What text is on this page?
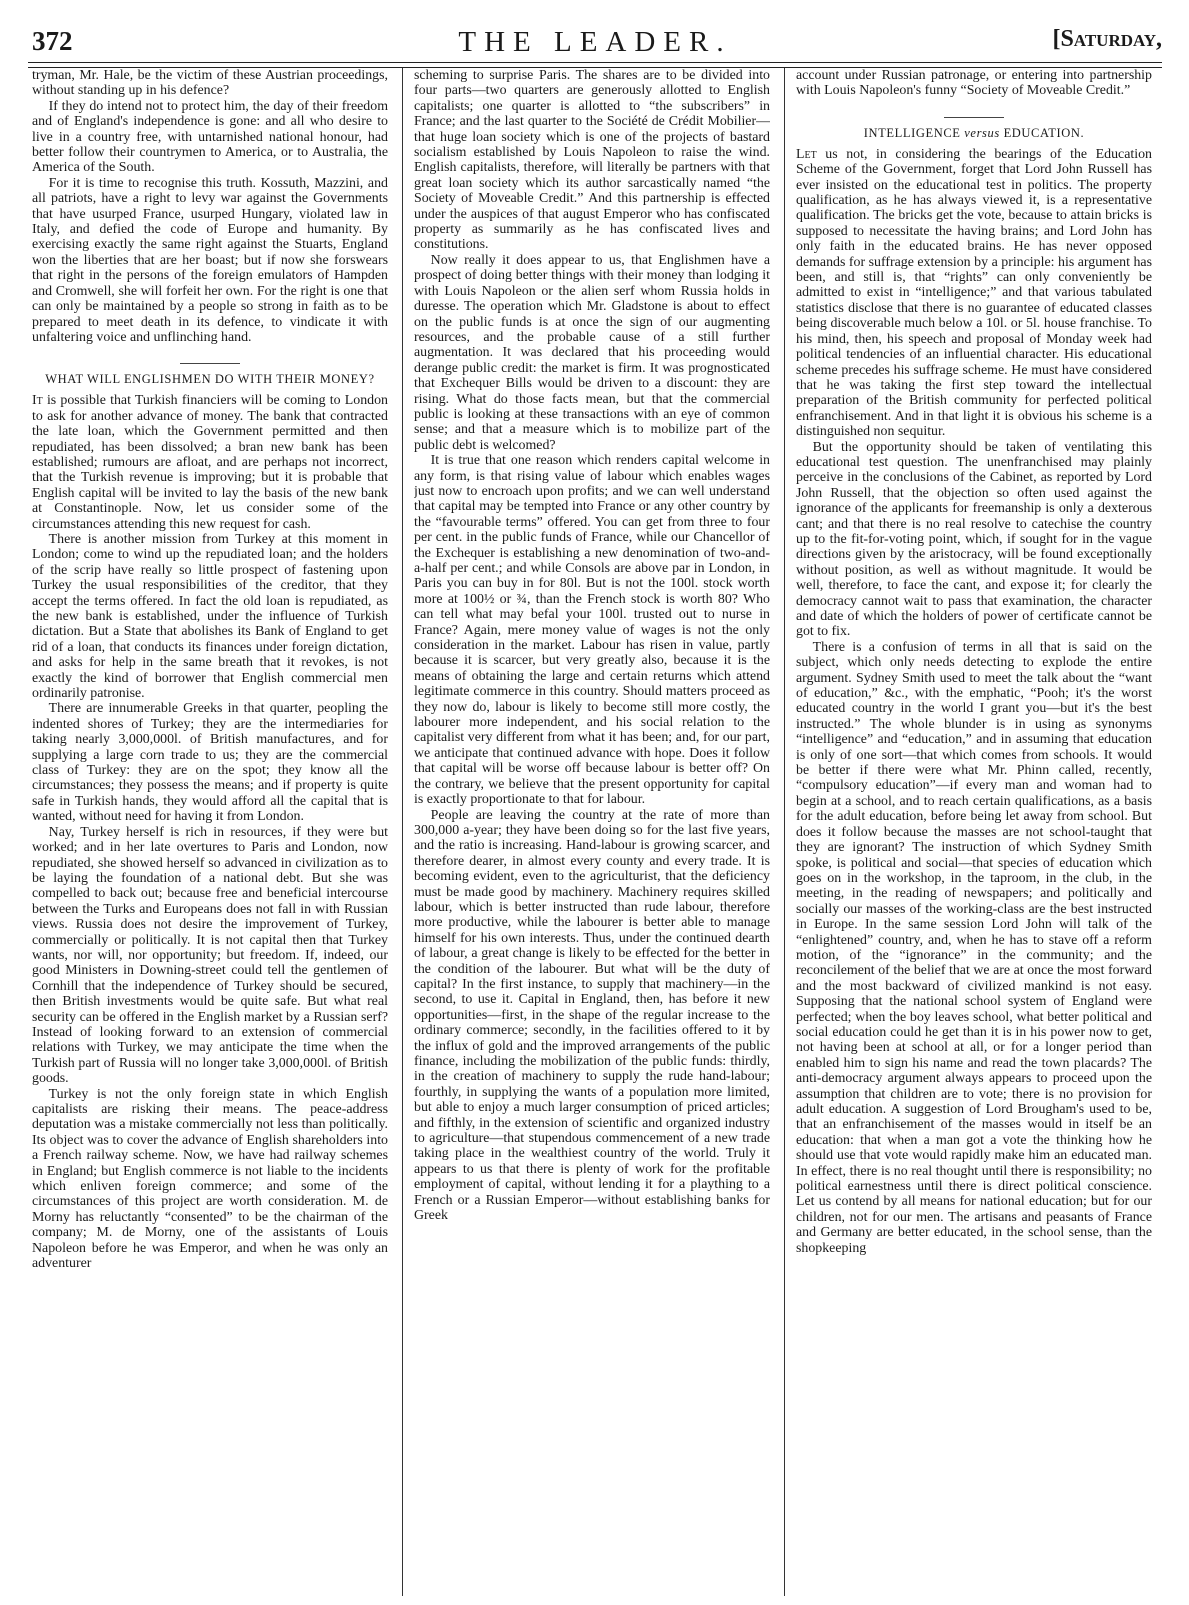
372	THE LEADER.	[Saturday,

tryman, Mr. Hale, be the victim of these Austrian proceedings, without standing up in his defence?

If they do intend not to protect him, the day of their freedom and of England's independence is gone: and all who desire to live in a country free, with untarnished national honour, had better follow their countrymen to America, or to Australia, the America of the South.

For it is time to recognise this truth. Kossuth, Mazzini, and all patriots, have a right to levy war against the Governments that have usurped France, usurped Hungary, violated law in Italy, and defied the code of Europe and humanity. By exercising exactly the same right against the Stuarts, England won the liberties that are her boast; but if now she forswears that right in the persons of the foreign emulators of Hampden and Cromwell, she will forfeit her own. For the right is one that can only be maintained by a people so strong in faith as to be prepared to meet death in its defence, to vindicate it with unfaltering voice and unflinching hand.

WHAT WILL ENGLISHMEN DO WITH THEIR MONEY?

It is possible that Turkish financiers will be coming to London to ask for another advance of money. The bank that contracted the late loan, which the Government permitted and then repudiated, has been dissolved; a bran new bank has been established; rumours are afloat, and are perhaps not incorrect, that the Turkish revenue is improving; but it is probable that English capital will be invited to lay the basis of the new bank at Constantinople. Now, let us consider some of the circumstances attending this new request for cash.

There is another mission from Turkey at this moment in London; come to wind up the repudiated loan; and the holders of the scrip have really so little prospect of fastening upon Turkey the usual responsibilities of the creditor, that they accept the terms offered. In fact the old loan is repudiated, as the new bank is established, under the influence of Turkish dictation. But a State that abolishes its Bank of England to get rid of a loan, that conducts its finances under foreign dictation, and asks for help in the same breath that it revokes, is not exactly the kind of borrower that English commercial men ordinarily patronise.

There are innumerable Greeks in that quarter, peopling the indented shores of Turkey; they are the intermediaries for taking nearly 3,000,000l. of British manufactures, and for supplying a large corn trade to us; they are the commercial class of Turkey: they are on the spot; they know all the circumstances; they possess the means; and if property is quite safe in Turkish hands, they would afford all the capital that is wanted, without need for having it from London.

Nay, Turkey herself is rich in resources, if they were but worked; and in her late overtures to Paris and London, now repudiated, she showed herself so advanced in civilization as to be laying the foundation of a national debt. But she was compelled to back out; because free and beneficial intercourse between the Turks and Europeans does not fall in with Russian views. Russia does not desire the improvement of Turkey, commercially or politically. It is not capital then that Turkey wants, nor will, nor opportunity; but freedom. If, indeed, our good Ministers in Downing-street could tell the gentlemen of Cornhill that the independence of Turkey should be secured, then British investments would be quite safe. But what real security can be offered in the English market by a Russian serf? Instead of looking forward to an extension of commercial relations with Turkey, we may anticipate the time when the Turkish part of Russia will no longer take 3,000,000l. of British goods.

Turkey is not the only foreign state in which English capitalists are risking their means. The peace-address deputation was a mistake commercially not less than politically. Its object was to cover the advance of English shareholders into a French railway scheme. Now, we have had railway schemes in England; but English commerce is not liable to the incidents which enliven foreign commerce; and some of the circumstances of this project are worth consideration. M. de Morny has reluctantly “consented” to be the chairman of the company; M. de Morny, one of the assistants of Louis Napoleon before he was Emperor, and when he was only an adventurer

scheming to surprise Paris. The shares are to be divided into four parts—two quarters are generously allotted to English capitalists; one quarter is allotted to “the subscribers” in France; and the last quarter to the Société de Crédit Mobilier—that huge loan society which is one of the projects of bastard socialism established by Louis Napoleon to raise the wind. English capitalists, therefore, will literally be partners with that great loan society which its author sarcastically named “the Society of Moveable Credit.” And this partnership is effected under the auspices of that august Emperor who has confiscated property as summarily as he has confiscated lives and constitutions.

Now really it does appear to us, that Englishmen have a prospect of doing better things with their money than lodging it with Louis Napoleon or the alien serf whom Russia holds in duresse. The operation which Mr. Gladstone is about to effect on the public funds is at once the sign of our augmenting resources, and the probable cause of a still further augmentation. It was declared that his proceeding would derange public credit: the market is firm. It was prognosticated that Exchequer Bills would be driven to a discount: they are rising. What do those facts mean, but that the commercial public is looking at these transactions with an eye of common sense; and that a measure which is to mobilize part of the public debt is welcomed?

It is true that one reason which renders capital welcome in any form, is that rising value of labour which enables wages just now to encroach upon profits; and we can well understand that capital may be tempted into France or any other country by the “favourable terms” offered. You can get from three to four per cent. in the public funds of France, while our Chancellor of the Exchequer is establishing a new denomination of two-and-a-half per cent.; and while Consols are above par in London, in Paris you can buy in for 80l. But is not the 100l. stock worth more at 100½ or ¾, than the French stock is worth 80? Who can tell what may befal your 100l. trusted out to nurse in France? Again, mere money value of wages is not the only consideration in the market. Labour has risen in value, partly because it is scarcer, but very greatly also, because it is the means of obtaining the large and certain returns which attend legitimate commerce in this country. Should matters proceed as they now do, labour is likely to become still more costly, the labourer more independent, and his social relation to the capitalist very different from what it has been; and, for our part, we anticipate that continued advance with hope. Does it follow that capital will be worse off because labour is better off? On the contrary, we believe that the present opportunity for capital is exactly proportionate to that for labour.

People are leaving the country at the rate of more than 300,000 a-year; they have been doing so for the last five years, and the ratio is increasing. Hand-labour is growing scarcer, and therefore dearer, in almost every county and every trade. It is becoming evident, even to the agriculturist, that the deficiency must be made good by machinery. Machinery requires skilled labour, which is better instructed than rude labour, therefore more productive, while the labourer is better able to manage himself for his own interests. Thus, under the continued dearth of labour, a great change is likely to be effected for the better in the condition of the labourer. But what will be the duty of capital? In the first instance, to supply that machinery—in the second, to use it. Capital in England, then, has before it new opportunities—first, in the shape of the regular increase to the ordinary commerce; secondly, in the facilities offered to it by the influx of gold and the improved arrangements of the public finance, including the mobilization of the public funds: thirdly, in the creation of machinery to supply the rude hand-labour; fourthly, in supplying the wants of a population more limited, but able to enjoy a much larger consumption of priced articles; and fifthly, in the extension of scientific and organized industry to agriculture—that stupendous commencement of a new trade taking place in the wealthiest country of the world. Truly it appears to us that there is plenty of work for the profitable employment of capital, without lending it for a plaything to a French or a Russian Emperor—without establishing banks for Greek

account under Russian patronage, or entering into partnership with Louis Napoleon's funny “Society of Moveable Credit.”

INTELLIGENCE versus EDUCATION.

Let us not, in considering the bearings of the Education Scheme of the Government, forget that Lord John Russell has ever insisted on the educational test in politics. The property qualification, as he has always viewed it, is a representative qualification. The bricks get the vote, because to attain bricks is supposed to necessitate the having brains; and Lord John has only faith in the educated brains. He has never opposed demands for suffrage extension by a principle: his argument has been, and still is, that “rights” can only conveniently be admitted to exist in “intelligence;” and that various tabulated statistics disclose that there is no guarantee of educated classes being discoverable much below a 10l. or 5l. house franchise. To his mind, then, his speech and proposal of Monday week had political tendencies of an influential character. His educational scheme precedes his suffrage scheme. He must have considered that he was taking the first step toward the intellectual preparation of the British community for perfected political enfranchisement. And in that light it is obvious his scheme is a distinguished non sequitur.

But the opportunity should be taken of ventilating this educational test question. The unenfranchised may plainly perceive in the conclusions of the Cabinet, as reported by Lord John Russell, that the objection so often used against the ignorance of the applicants for freemanship is only a dexterous cant; and that there is no real resolve to catechise the country up to the fit-for-voting point, which, if sought for in the vague directions given by the aristocracy, will be found exceptionally without position, as well as without magnitude. It would be well, therefore, to face the cant, and expose it; for clearly the democracy cannot wait to pass that examination, the character and date of which the holders of power of certificate cannot be got to fix.

There is a confusion of terms in all that is said on the subject, which only needs detecting to explode the entire argument. Sydney Smith used to meet the talk about the “want of education,” &c., with the emphatic, “Pooh; it's the worst educated country in the world I grant you—but it's the best instructed.” The whole blunder is in using as synonyms “intelligence” and “education,” and in assuming that education is only of one sort—that which comes from schools. It would be better if there were what Mr. Phinn called, recently, “compulsory education”—if every man and woman had to begin at a school, and to reach certain qualifications, as a basis for the adult education, before being let away from school. But does it follow because the masses are not school-taught that they are ignorant? The instruction of which Sydney Smith spoke, is political and social—that species of education which goes on in the workshop, in the taproom, in the club, in the meeting, in the reading of newspapers; and politically and socially our masses of the working-class are the best instructed in Europe. In the same session Lord John will talk of the “enlightened” country, and, when he has to stave off a reform motion, of the “ignorance” in the community; and the reconcilement of the belief that we are at once the most forward and the most backward of civilized mankind is not easy. Supposing that the national school system of England were perfected; when the boy leaves school, what better political and social education could he get than it is in his power now to get, not having been at school at all, or for a longer period than enabled him to sign his name and read the town placards? The anti-democracy argument always appears to proceed upon the assumption that children are to vote; there is no provision for adult education. A suggestion of Lord Brougham's used to be, that an enfranchisement of the masses would in itself be an education: that when a man got a vote the thinking how he should use that vote would rapidly make him an educated man. In effect, there is no real thought until there is responsibility; no political earnestness until there is direct political conscience. Let us contend by all means for national education; but for our children, not for our men. The artisans and peasants of France and Germany are better educated, in the school sense, than the shopkeeping
